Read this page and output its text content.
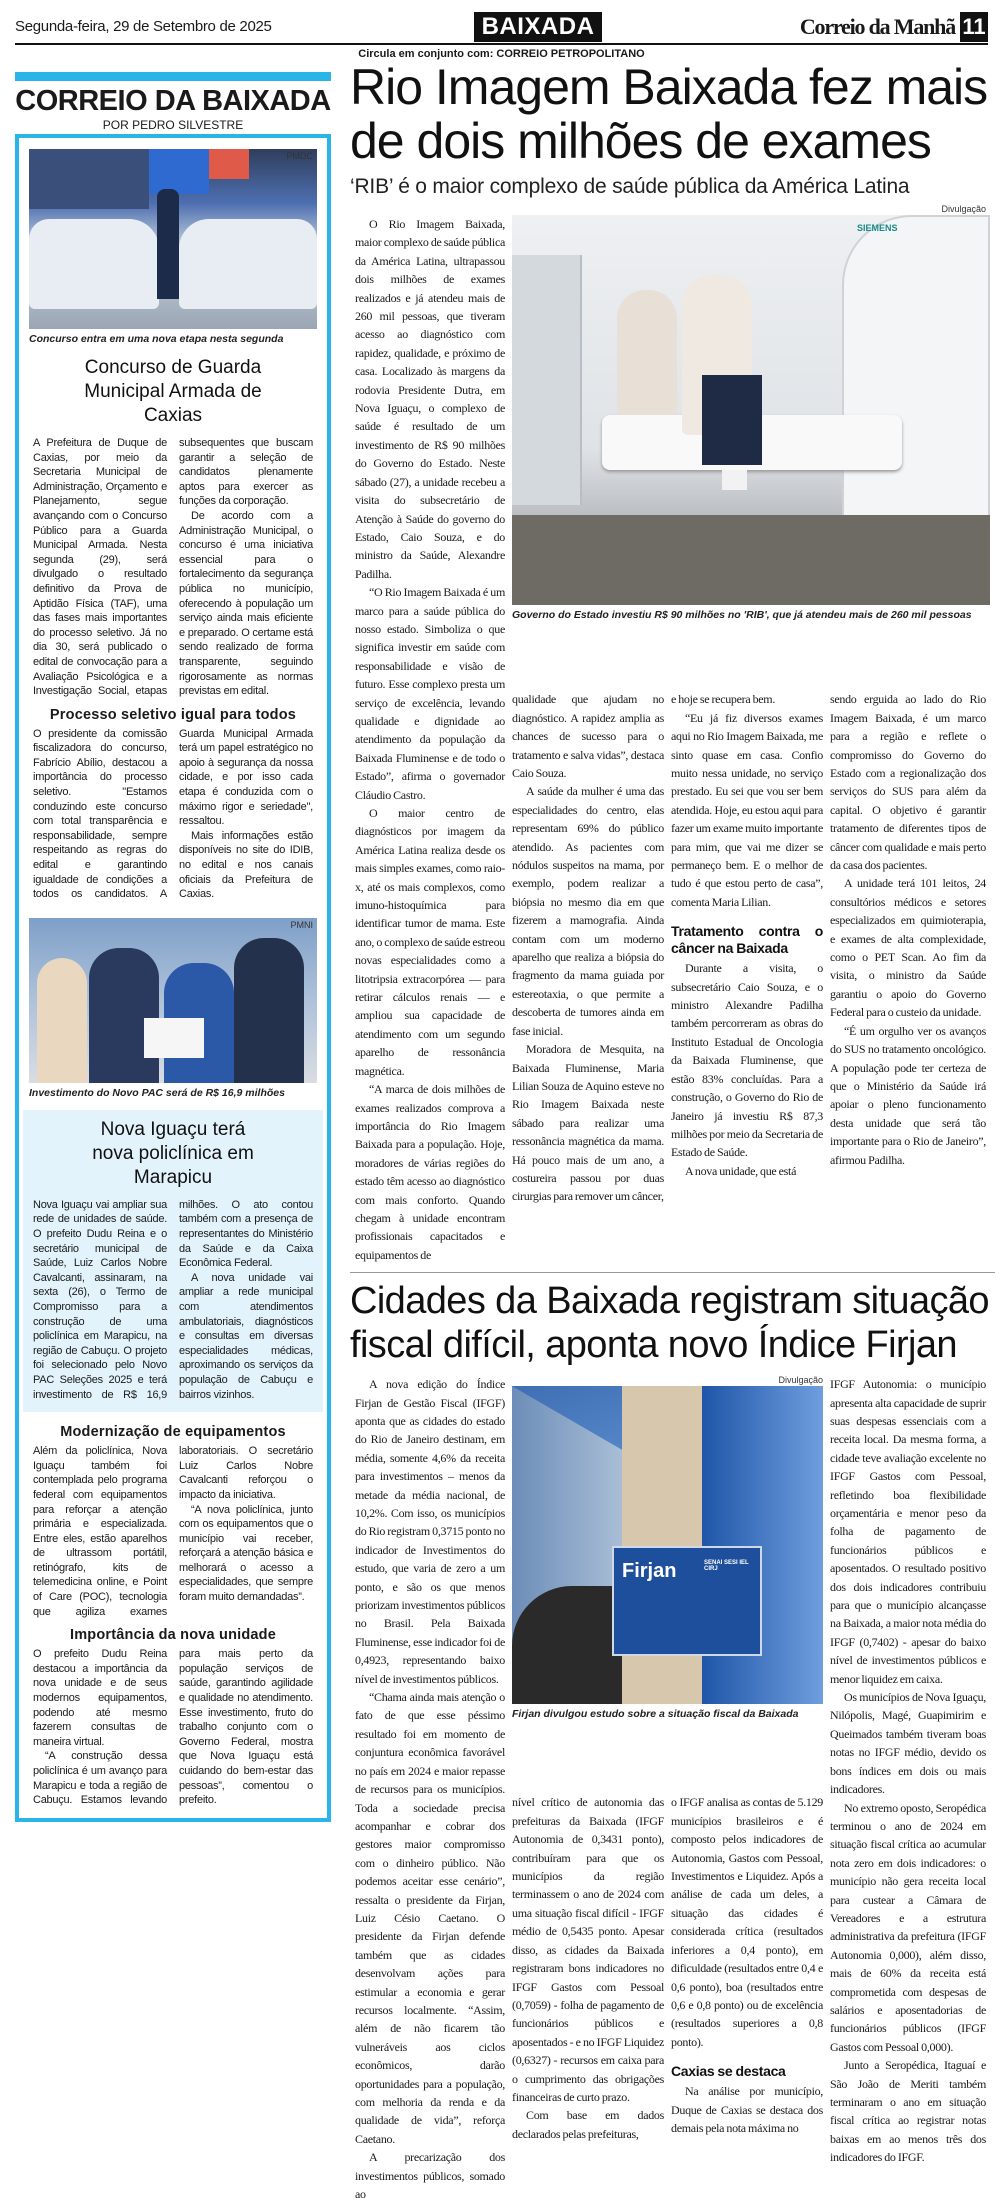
Segunda-feira, 29 de Setembro de 2025	BAIXADA	Correio da Manhã 11
Circula em conjunto com: CORREIO PETROPOLITANO
CORREIO DA BAIXADA
POR PEDRO SILVESTRE
PMDC
Concurso entra em uma nova etapa nesta segunda
Concurso de Guarda Municipal Armada de Caxias

A Prefeitura de Duque de Caxias, por meio da Secretaria Municipal de Administração, Orçamento e Planejamento, segue avançando com o Concurso Público para a Guarda Municipal Armada. Nesta segunda (29), será divulgado o resultado definitivo da Prova de Aptidão Física (TAF), uma das fases mais importantes do processo seletivo. Já no dia 30, será publicado o edital de convocação para a Avaliação Psicológica e a Investigação Social, etapas subsequentes que buscam garantir a seleção de candidatos plenamente aptos para exercer as funções da corporação.

De acordo com a Administração Municipal, o concurso é uma iniciativa essencial para o fortalecimento da segurança pública no município, oferecendo à população um serviço ainda mais eficiente e preparado. O certame está sendo realizado de forma transparente, seguindo rigorosamente as normas previstas em edital.

Processo seletivo igual para todos

O presidente da comissão fiscalizadora do concurso, Fabrício Abílio, destacou a importância do processo seletivo. "Estamos conduzindo este concurso com total transparência e responsabilidade, sempre respeitando as regras do edital e garantindo igualdade de condições a todos os candidatos. A Guarda Municipal Armada terá um papel estratégico no apoio à segurança da nossa cidade, e por isso cada etapa é conduzida com o máximo rigor e seriedade", ressaltou.

Mais informações estão disponíveis no site do IDIB, no edital e nos canais oficiais da Prefeitura de Caxias.

PMNI
Investimento do Novo PAC será de R$ 16,9 milhões
Nova Iguaçu terá nova policlínica em Marapicu

Nova Iguaçu vai ampliar sua rede de unidades de saúde. O prefeito Dudu Reina e o secretário municipal de Saúde, Luiz Carlos Nobre Cavalcanti, assinaram, na sexta (26), o Termo de Compromisso para a construção de uma policlínica em Marapicu, na região de Cabuçu. O projeto foi selecionado pelo Novo PAC Seleções 2025 e terá investimento de R$ 16,9 milhões. O ato contou também com a presença de representantes do Ministério da Saúde e da Caixa Econômica Federal.

A nova unidade vai ampliar a rede municipal com atendimentos ambulatoriais, diagnósticos e consultas em diversas especialidades médicas, aproximando os serviços da população de Cabuçu e bairros vizinhos.

Modernização de equipamentos

Além da policlínica, Nova Iguaçu também foi contemplada pelo programa federal com equipamentos para reforçar a atenção primária e especializada. Entre eles, estão aparelhos de ultrassom portátil, retinógrafo, kits de telemedicina online, e Point of Care (POC), tecnologia que agiliza exames laboratoriais. O secretário Luiz Carlos Nobre Cavalcanti reforçou o impacto da iniciativa.

“A nova policlínica, junto com os equipamentos que o município vai receber, reforçará a atenção básica e melhorará o acesso a especialidades, que sempre foram muito demandadas”.

Importância da nova unidade

O prefeito Dudu Reina destacou a importância da nova unidade e de seus modernos equipamentos, podendo até mesmo fazerem consultas de maneira virtual.

“A construção dessa policlínica é um avanço para Marapicu e toda a região de Cabuçu. Estamos levando para mais perto da população serviços de saúde, garantindo agilidade e qualidade no atendimento. Esse investimento, fruto do trabalho conjunto com o Governo Federal, mostra que Nova Iguaçu está cuidando do bem-estar das pessoas”, comentou o prefeito.

Rio Imagem Baixada fez mais de dois milhões de exames
‘RIB’ é o maior complexo de saúde pública da América Latina

O Rio Imagem Baixada, maior complexo de saúde pública da América Latina, ultrapassou dois milhões de exames realizados e já atendeu mais de 260 mil pessoas, que tiveram acesso ao diagnóstico com rapidez, qualidade, e próximo de casa. Localizado às margens da rodovia Presidente Dutra, em Nova Iguaçu, o complexo de saúde é resultado de um investimento de R$ 90 milhões do Governo do Estado. Neste sábado (27), a unidade recebeu a visita do subsecretário de Atenção à Saúde do governo do Estado, Caio Souza, e do ministro da Saúde, Alexandre Padilha.

“O Rio Imagem Baixada é um marco para a saúde pública do nosso estado. Simboliza o que significa investir em saúde com responsabilidade e visão de futuro. Esse complexo presta um serviço de excelência, levando qualidade e dignidade ao atendimento da população da Baixada Fluminense e de todo o Estado”, afirma o governador Cláudio Castro.

O maior centro de diagnósticos por imagem da América Latina realiza desde os mais simples exames, como raio-x, até os mais complexos, como imuno-histoquímica para identificar tumor de mama. Este ano, o complexo de saúde estreou novas especialidades como a litotripsia extracorpórea — para retirar cálculos renais — e ampliou sua capacidade de atendimento com um segundo aparelho de ressonância magnética.

“A marca de dois milhões de exames realizados comprova a importância do Rio Imagem Baixada para a população. Hoje, moradores de várias regiões do estado têm acesso ao diagnóstico com mais conforto. Quando chegam à unidade encontram profissionais capacitados e equipamentos de

Divulgação
SIEMENS
Governo do Estado investiu R$ 90 milhões no 'RIB', que já atendeu mais de 260 mil pessoas

qualidade que ajudam no diagnóstico. A rapidez amplia as chances de sucesso para o tratamento e salva vidas”, destaca Caio Souza.

A saúde da mulher é uma das especialidades do centro, elas representam 69% do público atendido. As pacientes com nódulos suspeitos na mama, por exemplo, podem realizar a biópsia no mesmo dia em que fizerem a mamografia. Ainda contam com um moderno aparelho que realiza a biópsia do fragmento da mama guiada por estereotaxia, o que permite a descoberta de tumores ainda em fase inicial.

Moradora de Mesquita, na Baixada Fluminense, Maria Lilian Souza de Aquino esteve no Rio Imagem Baixada neste sábado para realizar uma ressonância magnética da mama. Há pouco mais de um ano, a costureira passou por duas cirurgias para remover um câncer,

e hoje se recupera bem.

“Eu já fiz diversos exames aqui no Rio Imagem Baixada, me sinto quase em casa. Confio muito nessa unidade, no serviço prestado. Eu sei que vou ser bem atendida. Hoje, eu estou aqui para fazer um exame muito importante para mim, que vai me dizer se permaneço bem. E o melhor de tudo é que estou perto de casa”, comenta Maria Lilian.

Tratamento contra o câncer na Baixada

Durante a visita, o subsecretário Caio Souza, e o ministro Alexandre Padilha também percorreram as obras do Instituto Estadual de Oncologia da Baixada Fluminense, que estão 83% concluídas. Para a construção, o Governo do Rio de Janeiro já investiu R$ 87,3 milhões por meio da Secretaria de Estado de Saúde.

A nova unidade, que está

sendo erguida ao lado do Rio Imagem Baixada, é um marco para a região e reflete o compromisso do Governo do Estado com a regionalização dos serviços do SUS para além da capital. O objetivo é garantir tratamento de diferentes tipos de câncer com qualidade e mais perto da casa dos pacientes.

A unidade terá 101 leitos, 24 consultórios médicos e setores especializados em quimioterapia, e exames de alta complexidade, como o PET Scan. Ao fim da visita, o ministro da Saúde garantiu o apoio do Governo Federal para o custeio da unidade.

“É um orgulho ver os avanços do SUS no tratamento oncológico. A população pode ter certeza de que o Ministério da Saúde irá apoiar o pleno funcionamento desta unidade que será tão importante para o Rio de Janeiro”, afirmou Padilha.

Cidades da Baixada registram situação fiscal difícil, aponta novo Índice Firjan

A nova edição do Índice Firjan de Gestão Fiscal (IFGF) aponta que as cidades do estado do Rio de Janeiro destinam, em média, somente 4,6% da receita para investimentos – menos da metade da média nacional, de 10,2%. Com isso, os municípios do Rio registram 0,3715 ponto no indicador de Investimentos do estudo, que varia de zero a um ponto, e são os que menos priorizam investimentos públicos no Brasil. Pela Baixada Fluminense, esse indicador foi de 0,4923, representando baixo nível de investimentos públicos.

“Chama ainda mais atenção o fato de que esse péssimo resultado foi em momento de conjuntura econômica favorável no país em 2024 e maior repasse de recursos para os municípios. Toda a sociedade precisa acompanhar e cobrar dos gestores maior compromisso com o dinheiro público. Não podemos aceitar esse cenário”, ressalta o presidente da Firjan, Luiz Césio Caetano. O presidente da Firjan defende também que as cidades desenvolvam ações para estimular a economia e gerar recursos localmente. “Assim, além de não ficarem tão vulneráveis aos ciclos econômicos, darão oportunidades para a população, com melhoria da renda e da qualidade de vida”, reforça Caetano.

A precarização dos investimentos públicos, somado ao

Divulgação
Firjan	SENAI SESI IEL CIRJ
Firjan divulgou estudo sobre a situação fiscal da Baixada

nível crítico de autonomia das prefeituras da Baixada (IFGF Autonomia de 0,3431 ponto), contribuíram para que os municípios da região terminassem o ano de 2024 com uma situação fiscal difícil - IFGF médio de 0,5435 ponto. Apesar disso, as cidades da Baixada registraram bons indicadores no IFGF Gastos com Pessoal (0,7059) - folha de pagamento de funcionários públicos e aposentados - e no IFGF Liquidez (0,6327) - recursos em caixa para o cumprimento das obrigações financeiras de curto prazo.

Com base em dados declarados pelas prefeituras,

o IFGF analisa as contas de 5.129 municípios brasileiros e é composto pelos indicadores de Autonomia, Gastos com Pessoal, Investimentos e Liquidez. Após a análise de cada um deles, a situação das cidades é considerada crítica (resultados inferiores a 0,4 ponto), em dificuldade (resultados entre 0,4 e 0,6 ponto), boa (resultados entre 0,6 e 0,8 ponto) ou de excelência (resultados superiores a 0,8 ponto).

Caxias se destaca

Na análise por município, Duque de Caxias se destaca dos demais pela nota máxima no

IFGF Autonomia: o município apresenta alta capacidade de suprir suas despesas essenciais com a receita local. Da mesma forma, a cidade teve avaliação excelente no IFGF Gastos com Pessoal, refletindo boa flexibilidade orçamentária e menor peso da folha de pagamento de funcionários públicos e aposentados. O resultado positivo dos dois indicadores contribuiu para que o município alcançasse na Baixada, a maior nota média do IFGF (0,7402) - apesar do baixo nível de investimentos públicos e menor liquidez em caixa.

Os municípios de Nova Iguaçu, Nilópolis, Magé, Guapimirim e Queimados também tiveram boas notas no IFGF médio, devido os bons índices em dois ou mais indicadores.

No extremo oposto, Seropédica terminou o ano de 2024 em situação fiscal crítica ao acumular nota zero em dois indicadores: o município não gera receita local para custear a Câmara de Vereadores e a estrutura administrativa da prefeitura (IFGF Autonomia 0,000), além disso, mais de 60% da receita está comprometida com despesas de salários e aposentadorias de funcionários públicos (IFGF Gastos com Pessoal 0,000).

Junto a Seropédica, Itaguaí e São João de Meriti também terminaram o ano em situação fiscal crítica ao registrar notas baixas em ao menos três dos indicadores do IFGF.
